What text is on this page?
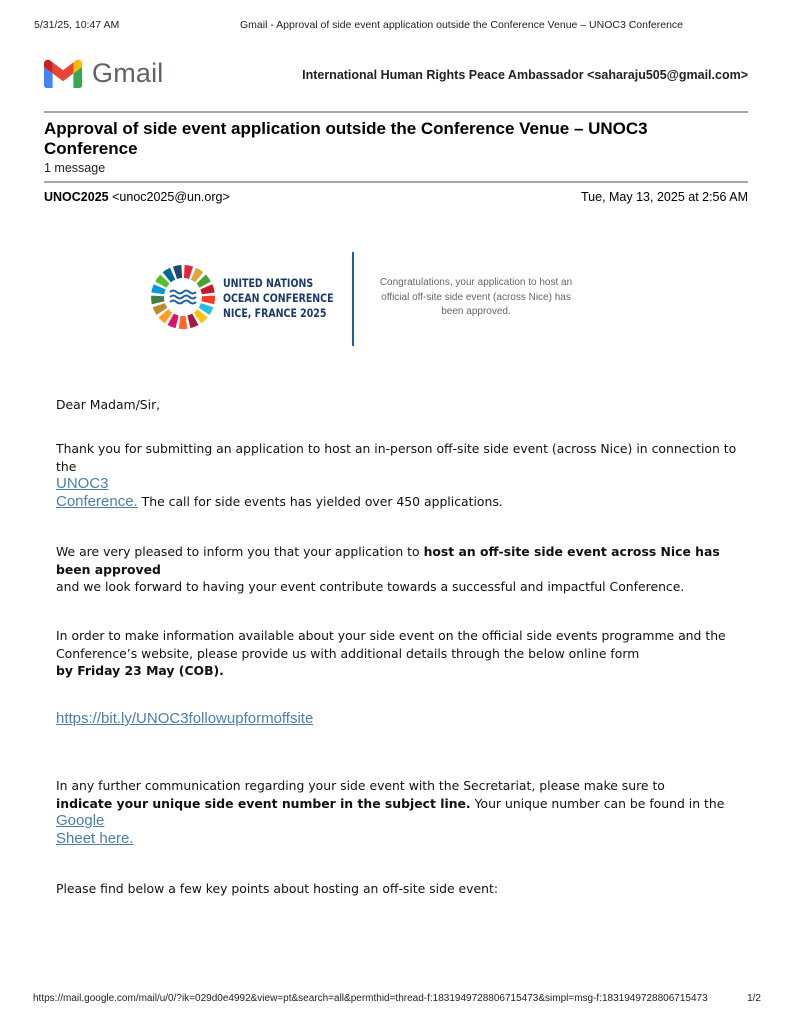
5/31/25, 10:47 AM	Gmail - Approval of side event application outside the Conference Venue – UNOC3 Conference
Gmail	International Human Rights Peace Ambassador <saharaju505@gmail.com>
Approval of side event application outside the Conference Venue – UNOC3 Conference
1 message
UNOC2025 <unoc2025@un.org>	Tue, May 13, 2025 at 2:56 AM
UNITED NATIONS
OCEAN CONFERENCE
NICE, FRANCE 2025
Congratulations, your application to host an official off-site side event (across Nice) has been approved.
Dear Madam/Sir,
Thank you for submitting an application to host an in-person off-site side event (across Nice) in connection to the
UNOC3
Conference. The call for side events has yielded over 450 applications.
We are very pleased to inform you that your application to host an off-site side event across Nice has been approved
and we look forward to having your event contribute towards a successful and impactful Conference.
In order to make information available about your side event on the official side events programme and the Conference’s website, please provide us with additional details through the below online form
by Friday 23 May (COB).
https://bit.ly/UNOC3followupformoffsite
In any further communication regarding your side event with the Secretariat, please make sure to
indicate your unique side event number in the subject line. Your unique number can be found in the
Google
Sheet here.
Please find below a few key points about hosting an off-site side event:
https://mail.google.com/mail/u/0/?ik=029d0e4992&view=pt&search=all&permthid=thread-f:1831949728806715473&simpl=msg-f:1831949728806715473	1/2
